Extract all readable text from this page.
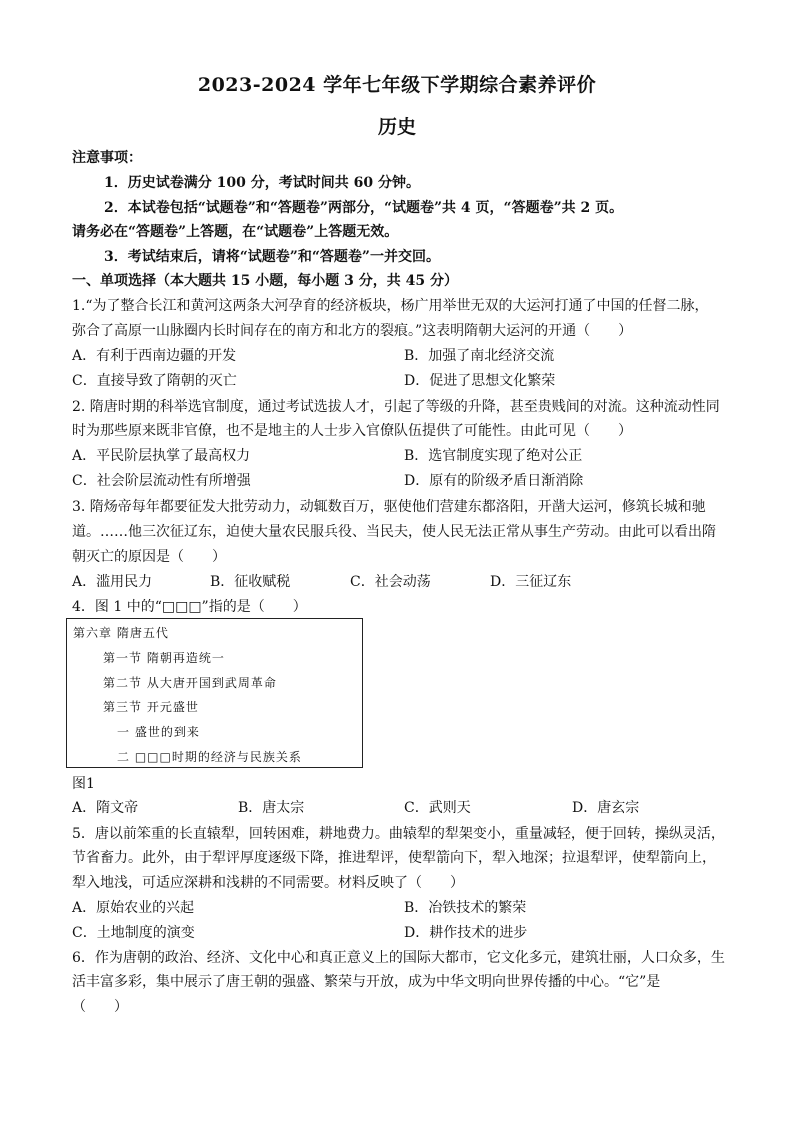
2023-2024 学年七年级下学期综合素养评价
历史
注意事项：
1．历史试卷满分 100 分，考试时间共 60 分钟。
2．本试卷包括“试题卷”和“答题卷”两部分，“试题卷”共 4 页，“答题卷”共 2 页。
请务必在“答题卷”上答题，在“试题卷”上答题无效。
3．考试结束后，请将“试题卷”和“答题卷”一并交回。
一、单项选择（本大题共 15 小题，每小题 3 分，共 45 分）
1.“为了整合长江和黄河这两条大河孕育的经济板块，杨广用举世无双的大运河打通了中国的任督二脉，
弥合了高原一山脉圈内长时间存在的南方和北方的裂痕。”这表明隋朝大运河的开通（　　）
A．有利于西南边疆的开发	B．加强了南北经济交流
C．直接导致了隋朝的灭亡	D．促进了思想文化繁荣
2. 隋唐时期的科举选官制度，通过考试选拔人才，引起了等级的升降，甚至贵贱间的对流。这种流动性同
时为那些原来既非官僚，也不是地主的人士步入官僚队伍提供了可能性。由此可见（　　）
A．平民阶层执掌了最高权力	B．选官制度实现了绝对公正
C．社会阶层流动性有所增强	D．原有的阶级矛盾日渐消除
3. 隋炀帝每年都要征发大批劳动力，动辄数百万，驱使他们营建东都洛阳，开凿大运河，修筑长城和驰
道。……他三次征辽东，迫使大量农民服兵役、当民夫，使人民无法正常从事生产劳动。由此可以看出隋
朝灭亡的原因是（　　）
A．滥用民力	B．征收赋税	C．社会动荡	D．三征辽东
4．图 1 中的“□□□”指的是（　　）
第六章 隋唐五代
第一节 隋朝再造统一
第二节 从大唐开国到武周革命
第三节 开元盛世
一 盛世的到来
二 □□□时期的经济与民族关系
图1
A．隋文帝	B．唐太宗	C．武则天	D．唐玄宗
5．唐以前笨重的长直辕犁，回转困难，耕地费力。曲辕犁的犁架变小，重量减轻，便于回转，操纵灵活，
节省畜力。此外，由于犁评厚度逐级下降，推进犁评，使犁箭向下，犁入地深；拉退犁评，使犁箭向上，
犁入地浅，可适应深耕和浅耕的不同需要。材料反映了（　　）
A．原始农业的兴起	B．冶铁技术的繁荣
C．土地制度的演变	D．耕作技术的进步
6．作为唐朝的政治、经济、文化中心和真正意义上的国际大都市，它文化多元，建筑壮丽，人口众多，生
活丰富多彩，集中展示了唐王朝的强盛、繁荣与开放，成为中华文明向世界传播的中心。“它”是
（　　）
